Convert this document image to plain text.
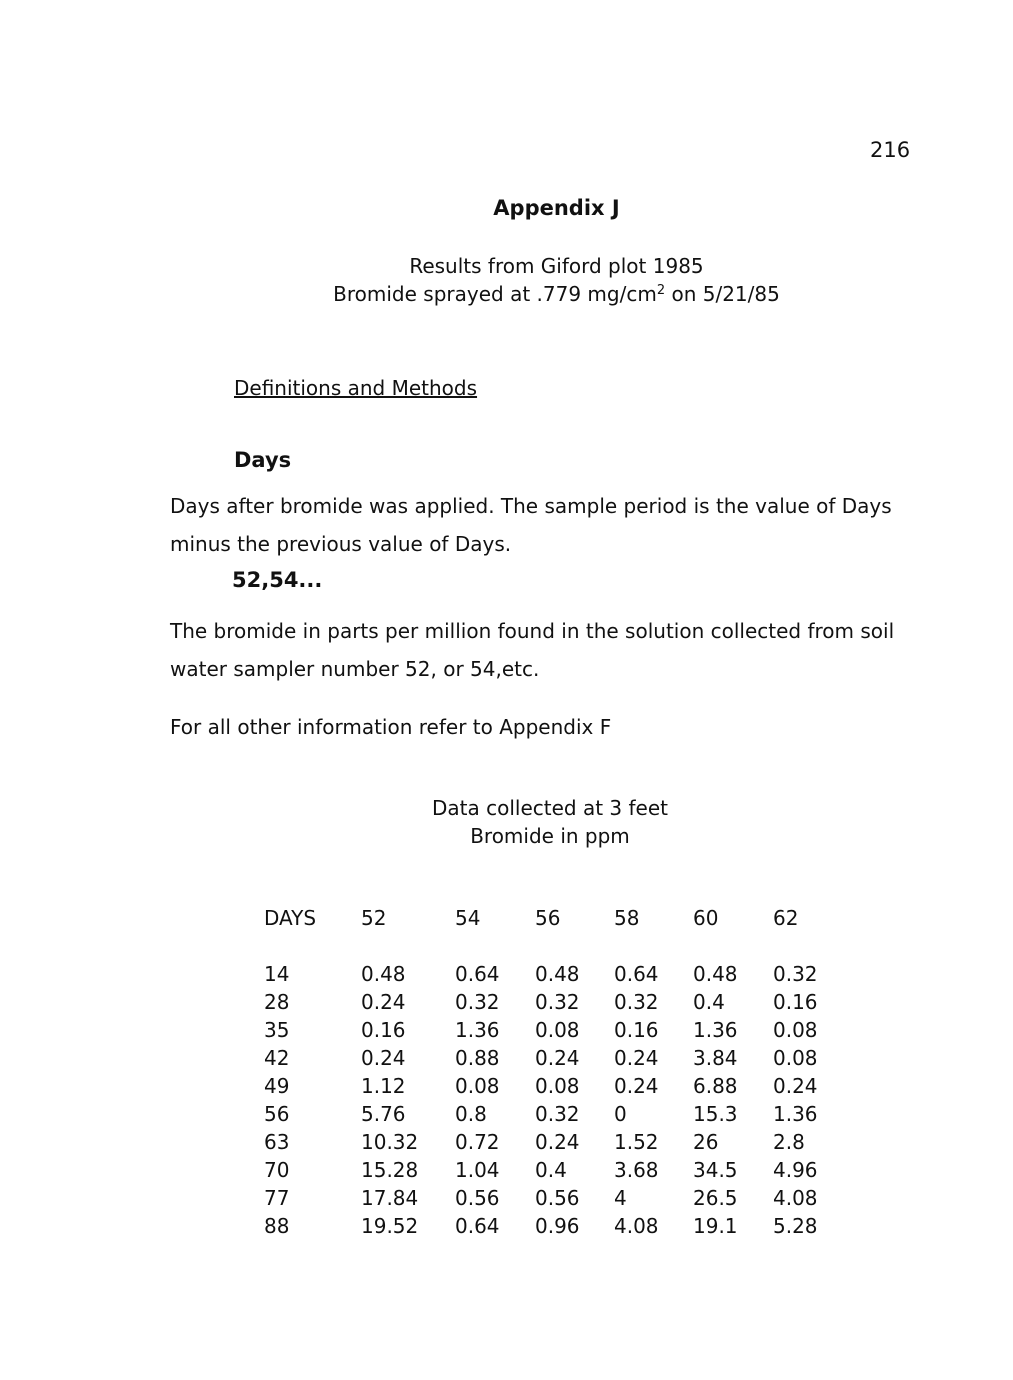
216
Appendix J
Results from Giford plot 1985
Bromide sprayed at .779 $mg/cm^2$ on 5/21/85
Definitions and Methods
Days
Days after bromide was applied. The sample period is the value of Days minus the previous value of Days.
52,54...
The bromide in parts per million found in the solution collected from soil water sampler number 52, or 54,etc.
For all other information refer to Appendix F
Data collected at 3 feet
Bromide in ppm
DAYS	52	54	56	58	60	62

14	0.48	0.64	0.48	0.64	0.48	0.32
28	0.24	0.32	0.32	0.32	0.4	0.16
35	0.16	1.36	0.08	0.16	1.36	0.08
42	0.24	0.88	0.24	0.24	3.84	0.08
49	1.12	0.08	0.08	0.24	6.88	0.24
56	5.76	0.8	0.32	0	15.3	1.36
63	10.32	0.72	0.24	1.52	26	2.8
70	15.28	1.04	0.4	3.68	34.5	4.96
77	17.84	0.56	0.56	4	26.5	4.08
88	19.52	0.64	0.96	4.08	19.1	5.28
